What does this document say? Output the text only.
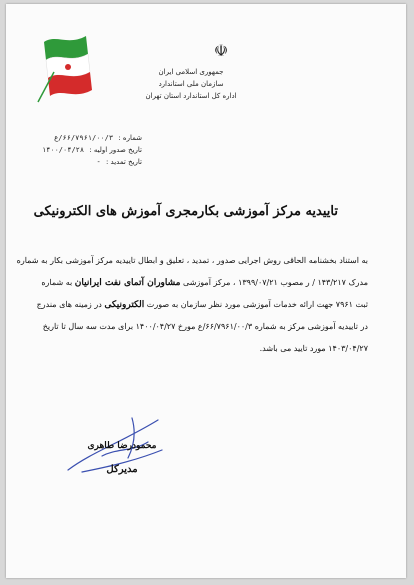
☫
جمهوری اسلامی ایران
سازمان ملی استاندارد
اداره کل استاندارد استان تهران
شماره : ۶۶/۷۹۶۱/۰۰/۳/ع
تاریخ صدور اولیه : ۱۴۰۰/۰۴/۲۸
تاریخ تمدید : -
تاییدیه مرکز آموزشی بکارمجری آموزش های الکترونیکی
به استناد بخشنامه الحاقی روش اجرایی صدور ، تمدید ، تعلیق و ابطال تاییدیه مرکز آموزشی بکار به شماره
مدرک ۱۴۳/۲۱۷ / ر مصوب ۱۳۹۹/۰۷/۲۱ ، مرکز آموزشی مشاوران آتمای نفت ایرانیان به شماره
ثبت ۷۹۶۱ جهت ارائه خدمات آموزشی مورد نظر سازمان به صورت الکترونیکی در زمینه های مندرج
در تاییدیه آموزشی مرکز به شماره ۶۶/۷۹۶۱/۰۰/۳/ع مورخ ۱۴۰۰/۰۴/۲۷ برای مدت سه سال تا تاریخ
۱۴۰۳/۰۴/۲۷ مورد تایید می باشد.
محمودرضا طاهری
مدیرکل
